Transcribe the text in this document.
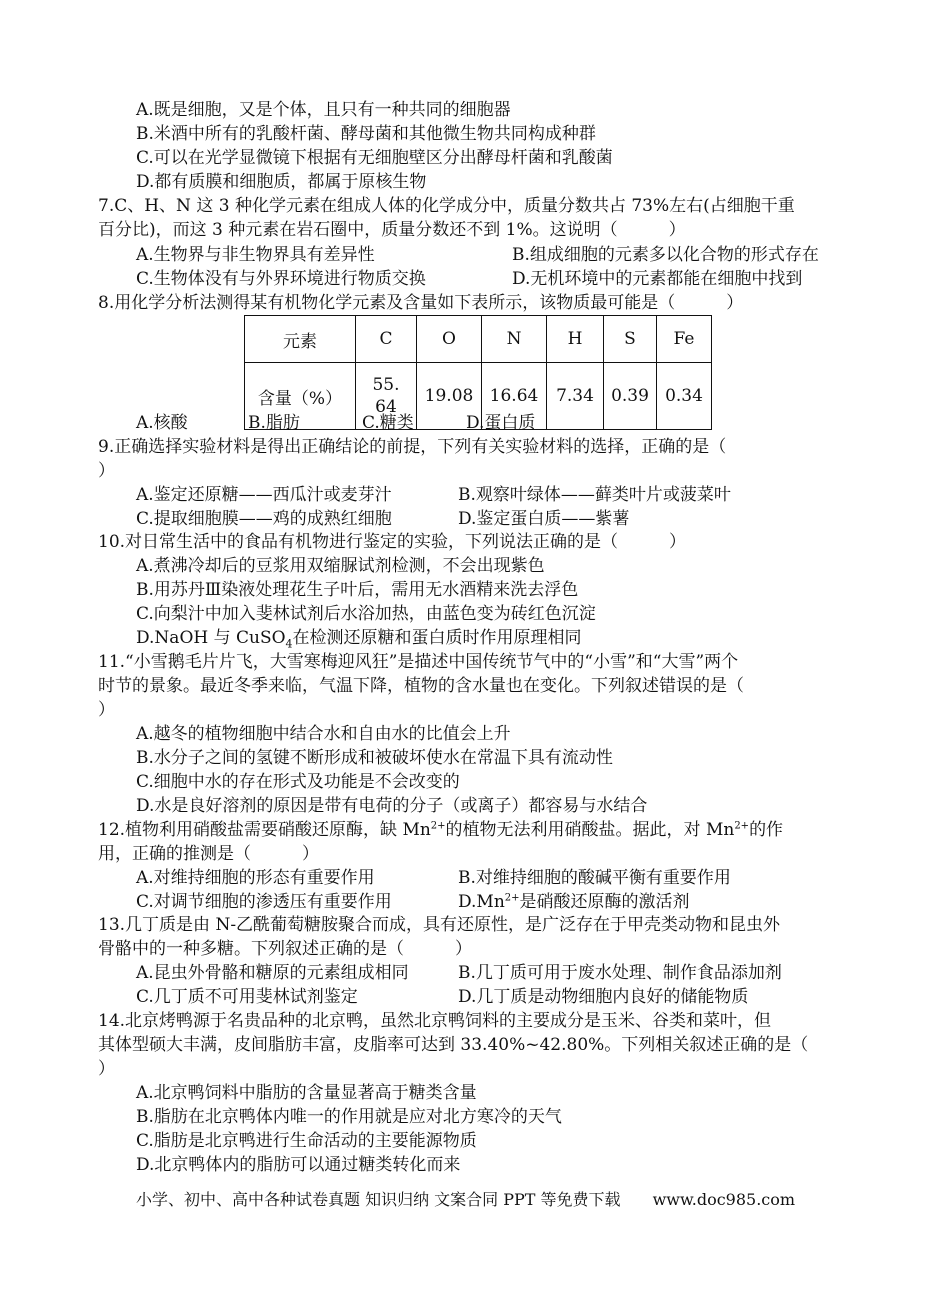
A.既是细胞，又是个体，且只有一种共同的细胞器
B.米酒中所有的乳酸杆菌、酵母菌和其他微生物共同构成种群
C.可以在光学显微镜下根据有无细胞壁区分出酵母杆菌和乳酸菌
D.都有质膜和细胞质，都属于原核生物
7.C、H、N 这 3 种化学元素在组成人体的化学成分中，质量分数共占 73%左右(占细胞干重
百分比)，而这 3 种元素在岩石圈中，质量分数还不到 1%。这说明（　　　）
A.生物界与非生物界具有差异性	B.组成细胞的元素多以化合物的形式存在
C.生物体没有与外界环境进行物质交换	D.无机环境中的元素都能在细胞中找到
8.用化学分析法测得某有机物化学元素及含量如下表所示，该物质最可能是（　　　）
元素	C	O	N	H	S	Fe
含量（%）	55.64	19.08	16.64	7.34	0.39	0.34
A.核酸	B.脂肪	C.糖类	D.蛋白质
9.正确选择实验材料是得出正确结论的前提，下列有关实验材料的选择，正确的是（
）
A.鉴定还原糖——西瓜汁或麦芽汁	B.观察叶绿体——藓类叶片或菠菜叶
C.提取细胞膜——鸡的成熟红细胞	D.鉴定蛋白质——紫薯
10.对日常生活中的食品有机物进行鉴定的实验，下列说法正确的是（　　　）
A.煮沸冷却后的豆浆用双缩脲试剂检测，不会出现紫色
B.用苏丹Ⅲ染液处理花生子叶后，需用无水酒精来洗去浮色
C.向梨汁中加入斐林试剂后水浴加热，由蓝色变为砖红色沉淀
D.NaOH 与 CuSO$_4$在检测还原糖和蛋白质时作用原理相同
11.“小雪鹅毛片片飞，大雪寒梅迎风狂”是描述中国传统节气中的“小雪”和“大雪”两个
时节的景象。最近冬季来临，气温下降，植物的含水量也在变化。下列叙述错误的是（
）
A.越冬的植物细胞中结合水和自由水的比值会上升
B.水分子之间的氢键不断形成和被破坏使水在常温下具有流动性
C.细胞中水的存在形式及功能是不会改变的
D.水是良好溶剂的原因是带有电荷的分子（或离子）都容易与水结合
12.植物利用硝酸盐需要硝酸还原酶，缺 $Mn^{2+}$的植物无法利用硝酸盐。据此，对 $Mn^{2+}$的作
用，正确的推测是（　　　）
A.对维持细胞的形态有重要作用	B.对维持细胞的酸碱平衡有重要作用
C.对调节细胞的渗透压有重要作用	$D.Mn^{2+}$是硝酸还原酶的激活剂
13.几丁质是由 N-乙酰葡萄糖胺聚合而成，具有还原性，是广泛存在于甲壳类动物和昆虫外
骨骼中的一种多糖。下列叙述正确的是（　　　）
A.昆虫外骨骼和糖原的元素组成相同	B.几丁质可用于废水处理、制作食品添加剂
C.几丁质不可用斐林试剂鉴定	D.几丁质是动物细胞内良好的储能物质
14.北京烤鸭源于名贵品种的北京鸭，虽然北京鸭饲料的主要成分是玉米、谷类和菜叶，但
其体型硕大丰满，皮间脂肪丰富，皮脂率可达到 33.40%~42.80%。下列相关叙述正确的是（
）
A.北京鸭饲料中脂肪的含量显著高于糖类含量
B.脂肪在北京鸭体内唯一的作用就是应对北方寒冷的天气
C.脂肪是北京鸭进行生命活动的主要能源物质
D.北京鸭体内的脂肪可以通过糖类转化而来
小学、初中、高中各种试卷真题 知识归纳 文案合同 PPT 等免费下载 www.doc985.com
